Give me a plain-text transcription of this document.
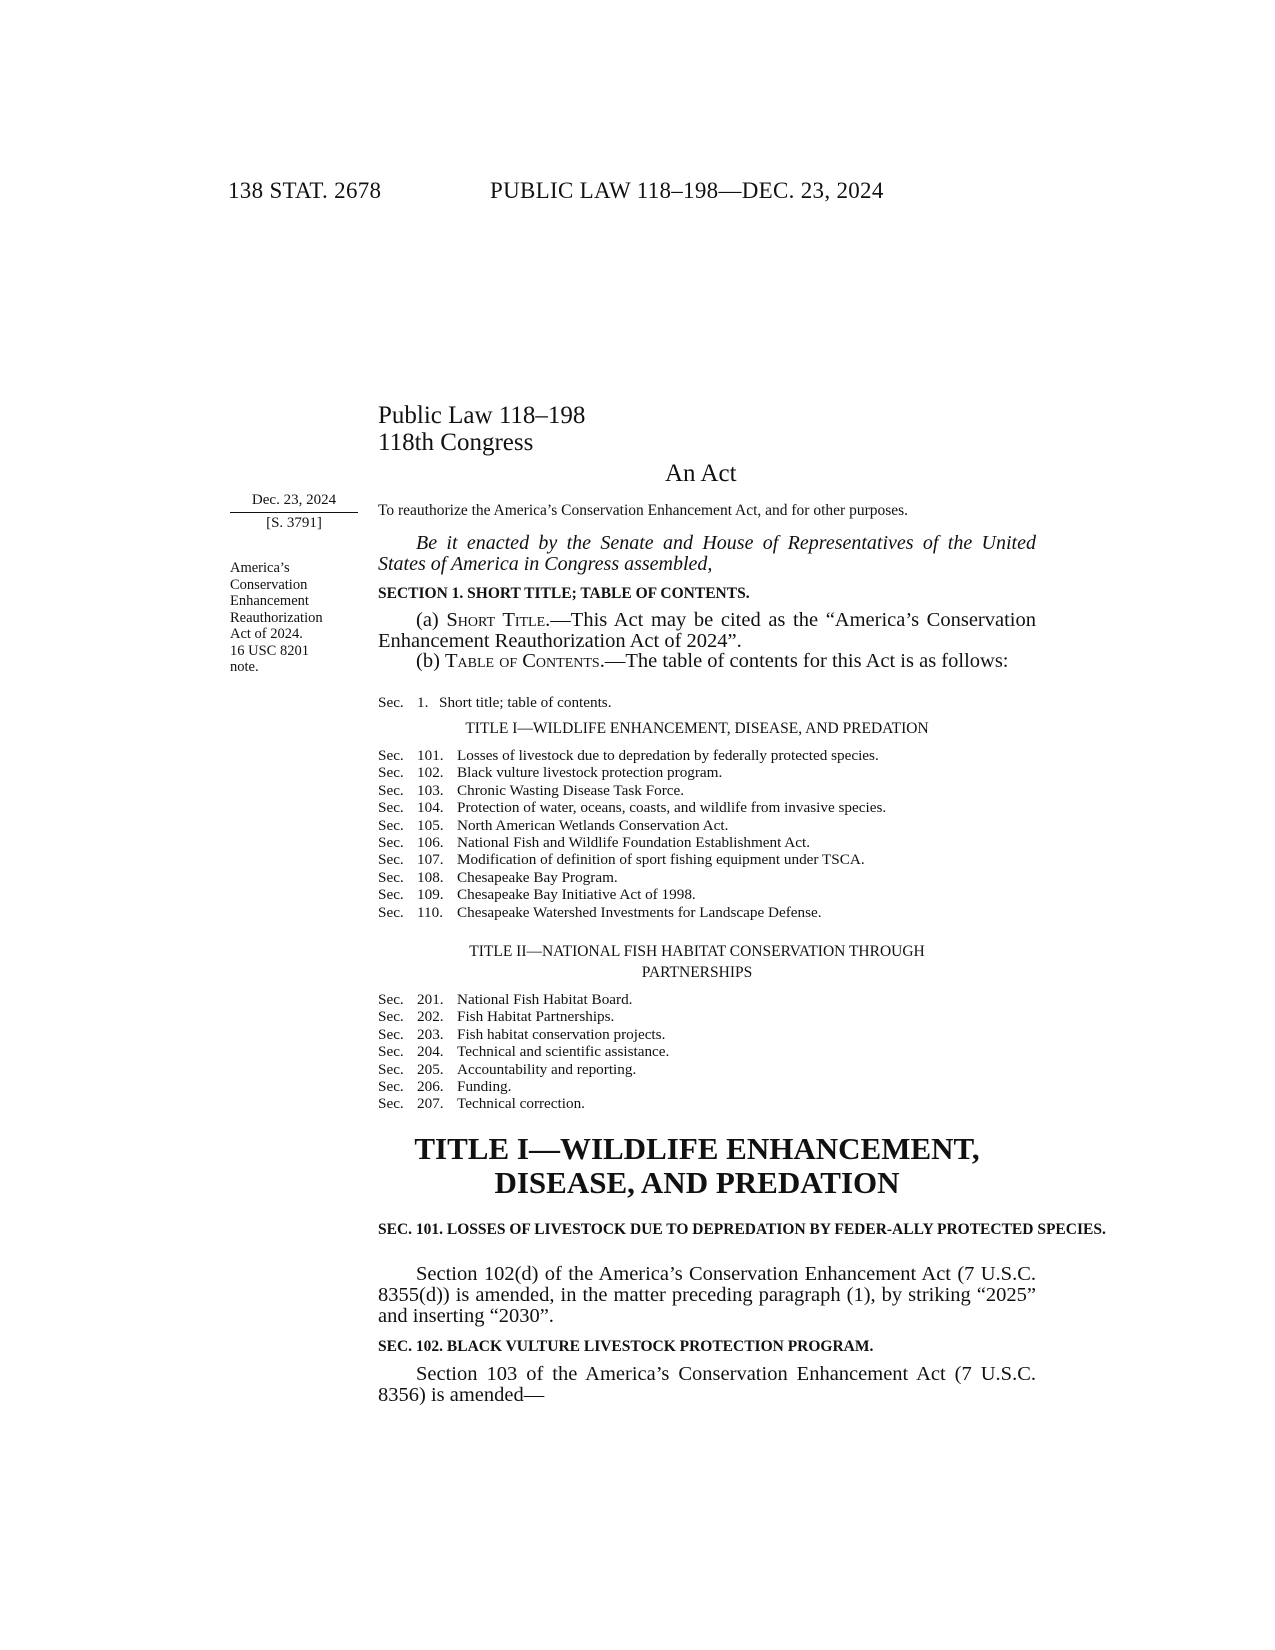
138 STAT. 2678	PUBLIC LAW 118–198—DEC. 23, 2024
Public Law 118–198
118th Congress
An Act
Dec. 23, 2024
[S. 3791]
America’s
Conservation
Enhancement
Reauthorization
Act of 2024.
16 USC 8201
note.
To reauthorize the America’s Conservation Enhancement Act, and for other purposes.
Be it enacted by the Senate and House of Representatives of the United States of America in Congress assembled,
SECTION 1. SHORT TITLE; TABLE OF CONTENTS.
(a) Short Title.—This Act may be cited as the “America’s Conservation Enhancement Reauthorization Act of 2024”.
(b) Table of Contents.—The table of contents for this Act is as follows:
Sec. 1. Short title; table of contents.
TITLE I—WILDLIFE ENHANCEMENT, DISEASE, AND PREDATION
Sec. 101. Losses of livestock due to depredation by federally protected species.
Sec. 102. Black vulture livestock protection program.
Sec. 103. Chronic Wasting Disease Task Force.
Sec. 104. Protection of water, oceans, coasts, and wildlife from invasive species.
Sec. 105. North American Wetlands Conservation Act.
Sec. 106. National Fish and Wildlife Foundation Establishment Act.
Sec. 107. Modification of definition of sport fishing equipment under TSCA.
Sec. 108. Chesapeake Bay Program.
Sec. 109. Chesapeake Bay Initiative Act of 1998.
Sec. 110. Chesapeake Watershed Investments for Landscape Defense.
TITLE II—NATIONAL FISH HABITAT CONSERVATION THROUGH
PARTNERSHIPS
Sec. 201. National Fish Habitat Board.
Sec. 202. Fish Habitat Partnerships.
Sec. 203. Fish habitat conservation projects.
Sec. 204. Technical and scientific assistance.
Sec. 205. Accountability and reporting.
Sec. 206. Funding.
Sec. 207. Technical correction.
TITLE I—WILDLIFE ENHANCEMENT,
DISEASE, AND PREDATION
SEC. 101. LOSSES OF LIVESTOCK DUE TO DEPREDATION BY FEDER-ALLY PROTECTED SPECIES.
Section 102(d) of the America’s Conservation Enhancement Act (7 U.S.C. 8355(d)) is amended, in the matter preceding paragraph (1), by striking “2025” and inserting “2030”.
SEC. 102. BLACK VULTURE LIVESTOCK PROTECTION PROGRAM.
Section 103 of the America’s Conservation Enhancement Act (7 U.S.C. 8356) is amended—
